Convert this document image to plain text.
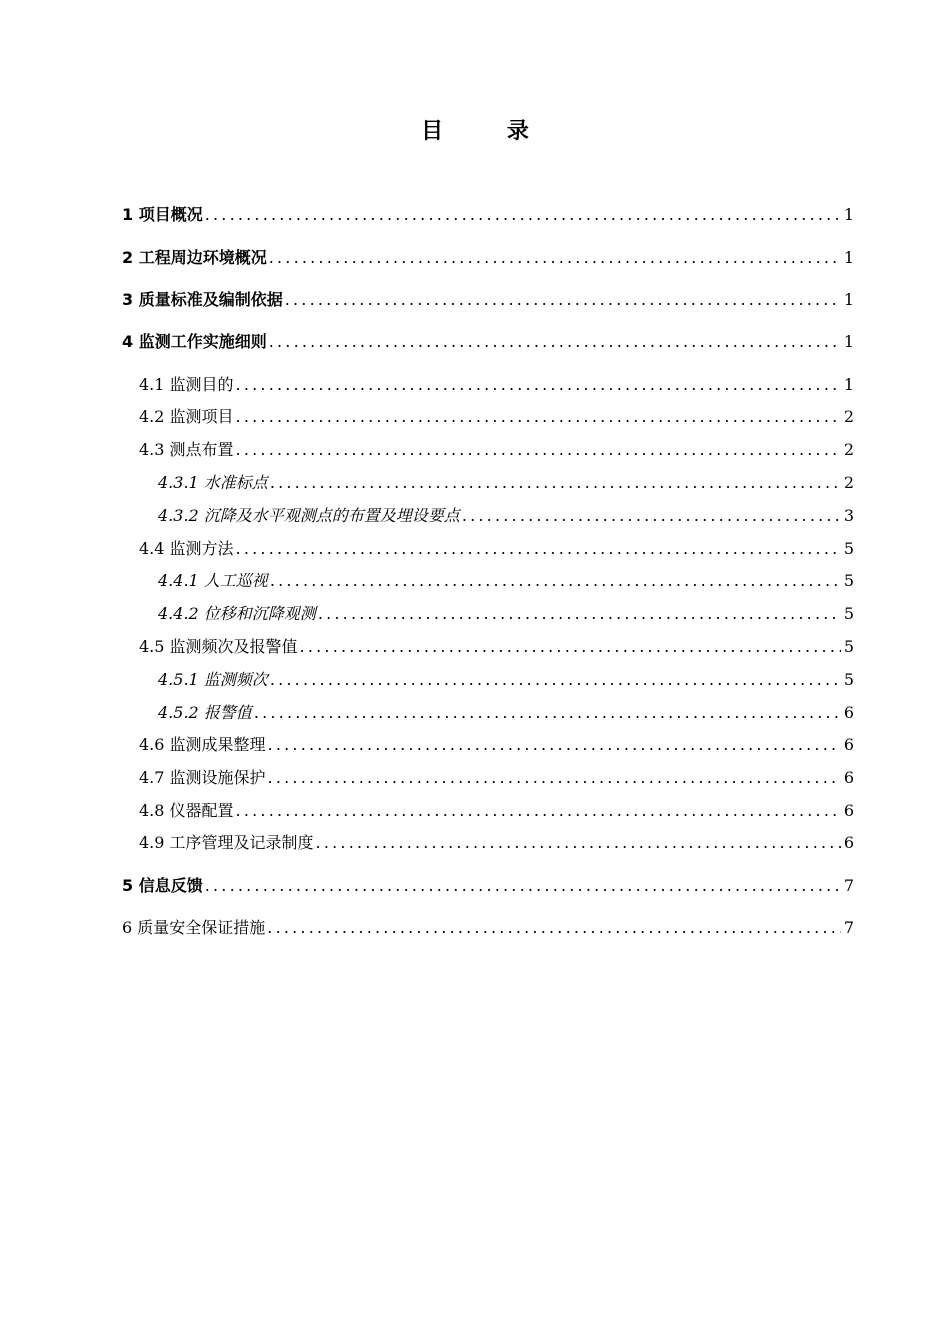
目 录
1 项目概况 .....	1
2 工程周边环境概况 .....	1
3 质量标准及编制依据 .....	1
4 监测工作实施细则 .....	1
4.1 监测目的 .....	1
4.2 监测项目 .....	2
4.3 测点布置 .....	2
4.3.1 水准标点 .....	2
4.3.2 沉降及水平观测点的布置及埋设要点 .....	3
4.4 监测方法 .....	5
4.4.1 人工巡视 .....	5
4.4.2 位移和沉降观测 .....	5
4.5 监测频次及报警值 .....	5
4.5.1 监测频次 .....	5
4.5.2 报警值 .....	6
4.6 监测成果整理 .....	6
4.7 监测设施保护 .....	6
4.8 仪器配置 .....	6
4.9 工序管理及记录制度 .....	6
5 信息反馈 .....	7
6 质量安全保证措施 .....	7
